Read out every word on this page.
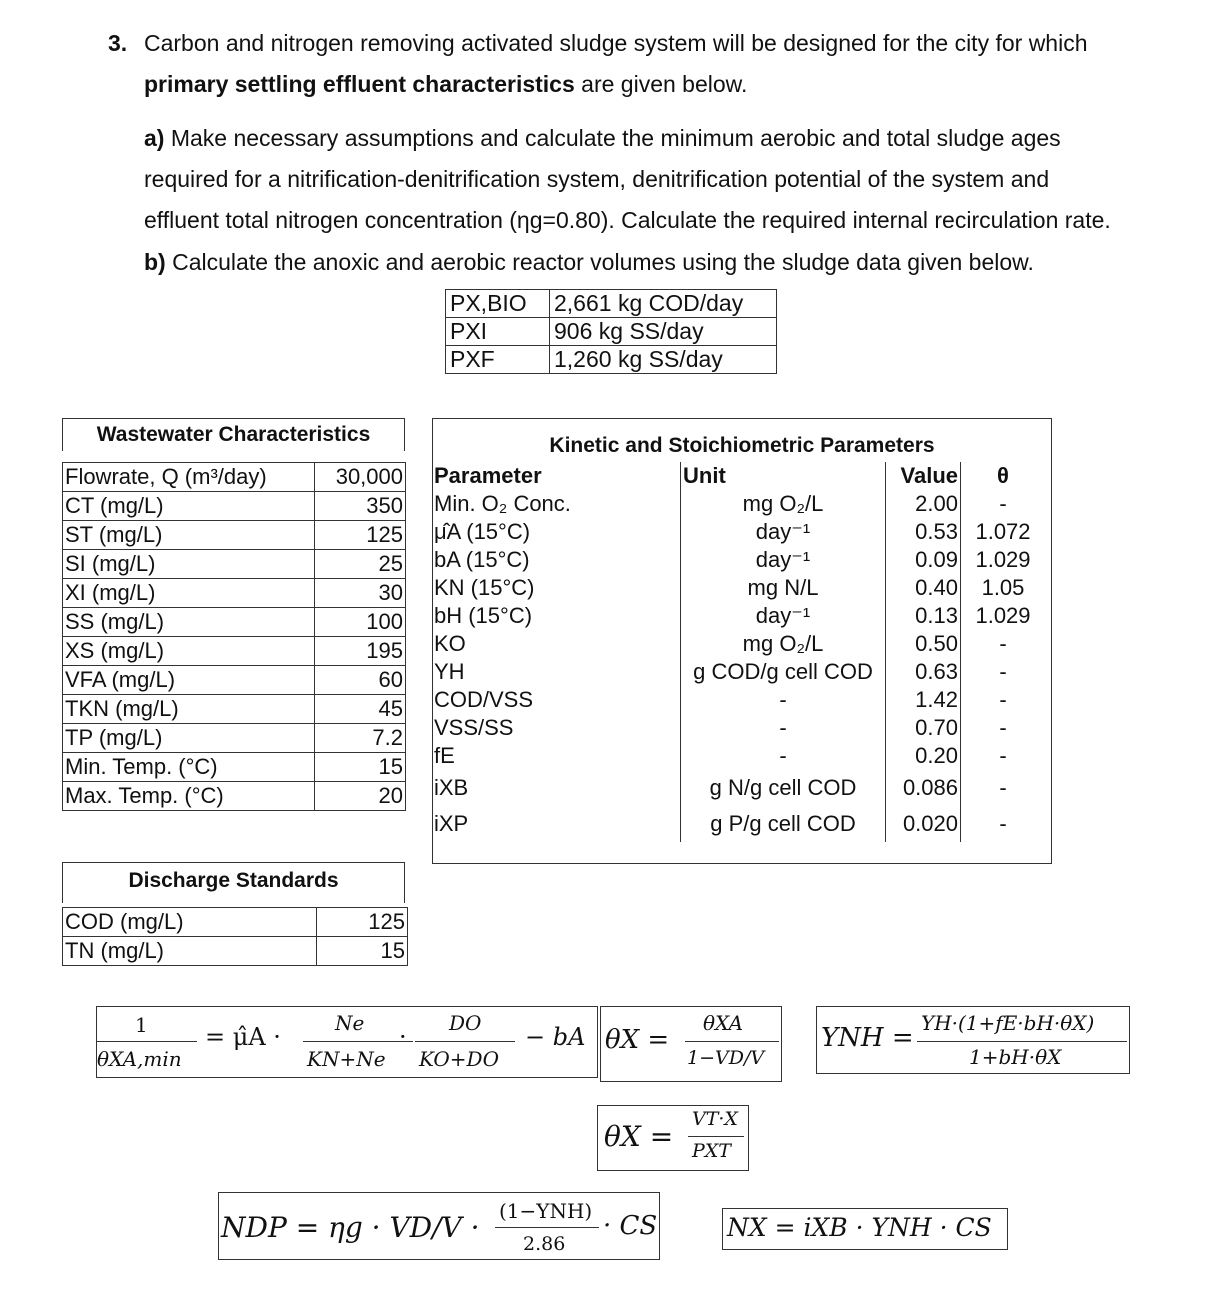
3. Carbon and nitrogen removing activated sludge system will be designed for the city for which
primary settling effluent characteristics are given below.
a) Make necessary assumptions and calculate the minimum aerobic and total sludge ages
required for a nitrification-denitrification system, denitrification potential of the system and
effluent total nitrogen concentration (ηg=0.80). Calculate the required internal recirculation rate.
b) Calculate the anoxic and aerobic reactor volumes using the sludge data given below.
PX,BIO	2,661 kg COD/day
PXI	906 kg SS/day
PXF	1,260 kg SS/day
Wastewater Characteristics
Flowrate, Q (m³/day)	30,000
CT (mg/L)	350
ST (mg/L)	125
SI (mg/L)	25
XI (mg/L)	30
SS (mg/L)	100
XS (mg/L)	195
VFA (mg/L)	60
TKN (mg/L)	45
TP (mg/L)	7.2
Min. Temp. (°C)	15
Max. Temp. (°C)	20
Kinetic and Stoichiometric Parameters
Parameter	Unit	Value	θ
Min. O₂ Conc.	mg O₂/L	2.00	-
μ̂A (15°C)	day⁻¹	0.53	1.072
bA (15°C)	day⁻¹	0.09	1.029
KN (15°C)	mg N/L	0.40	1.05
bH (15°C)	day⁻¹	0.13	1.029
KO	mg O₂/L	0.50	-
YH	g COD/g cell COD	0.63	-
COD/VSS	-	1.42	-
VSS/SS	-	0.70	-
fE	-	0.20	-
iXB	g N/g cell COD	0.086	-
iXP	g P/g cell COD	0.020	-
Discharge Standards
COD (mg/L)	125
TN (mg/L)	15
1
θXA,min
= μ̂A ·	Ne
KN+Ne
· DO
KO+DO
− bA θX =
θXA
1−VD/V
YNH = YH·(1+fE·bH·θX)
1+bH·θX
θX =
VT·X
PXT
NDP = ηg · VD/V · (1−YNH)
2.86
· CS	NX = iXB · YNH · CS
